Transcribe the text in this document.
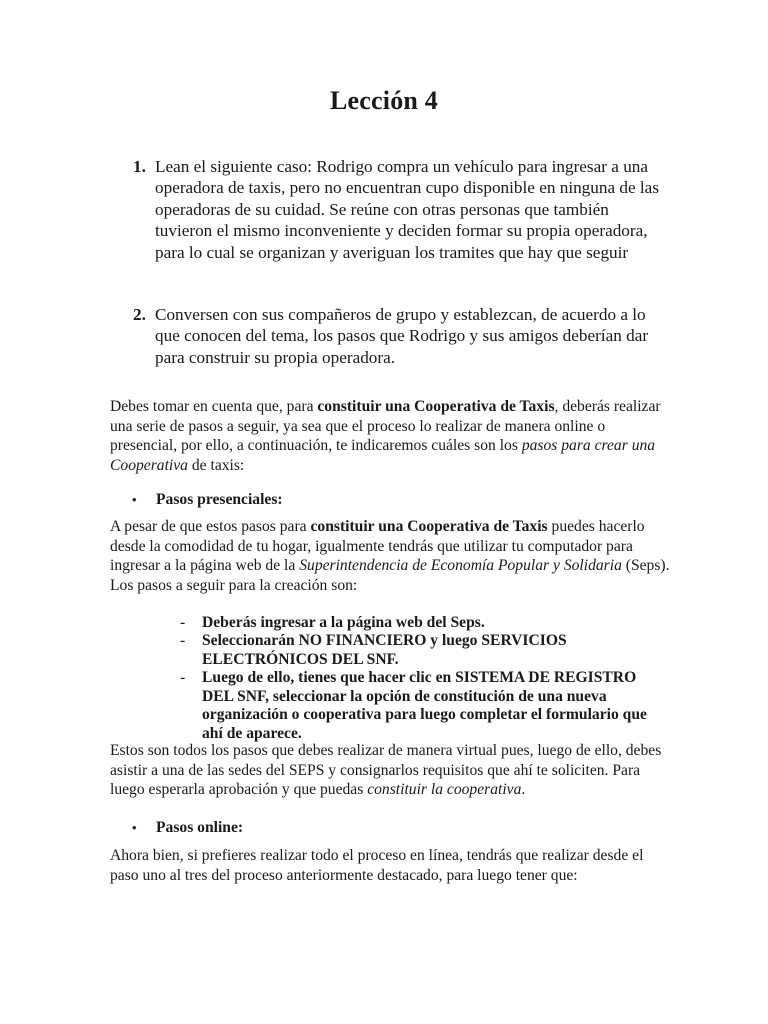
Lección 4
1. Lean el siguiente caso: Rodrigo compra un vehículo para ingresar a una operadora de taxis, pero no encuentran cupo disponible en ninguna de las operadoras de su cuidad. Se reúne con otras personas que también tuvieron el mismo inconveniente y deciden formar su propia operadora, para lo cual se organizan y averiguan los tramites que hay que seguir
2. Conversen con sus compañeros de grupo y establezcan, de acuerdo a lo que conocen del tema, los pasos que Rodrigo y sus amigos deberían dar para construir su propia operadora.
Debes tomar en cuenta que, para constituir una Cooperativa de Taxis, deberás realizar una serie de pasos a seguir, ya sea que el proceso lo realizar de manera online o presencial, por ello, a continuación, te indicaremos cuáles son los pasos para crear una Cooperativa de taxis:
• Pasos presenciales:
A pesar de que estos pasos para constituir una Cooperativa de Taxis puedes hacerlo desde la comodidad de tu hogar, igualmente tendrás que utilizar tu computador para ingresar a la página web de la Superintendencia de Economía Popular y Solidaria (Seps). Los pasos a seguir para la creación son:
- Deberás ingresar a la página web del Seps.
- Seleccionarán NO FINANCIERO y luego SERVICIOS ELECTRÓNICOS DEL SNF.
- Luego de ello, tienes que hacer clic en SISTEMA DE REGISTRO DEL SNF, seleccionar la opción de constitución de una nueva organización o cooperativa para luego completar el formulario que ahí de aparece.
Estos son todos los pasos que debes realizar de manera virtual pues, luego de ello, debes asistir a una de las sedes del SEPS y consignarlos requisitos que ahí te soliciten. Para luego esperarla aprobación y que puedas constituir la cooperativa.
• Pasos online:
Ahora bien, si prefieres realizar todo el proceso en línea, tendrás que realizar desde el paso uno al tres del proceso anteriormente destacado, para luego tener que:
